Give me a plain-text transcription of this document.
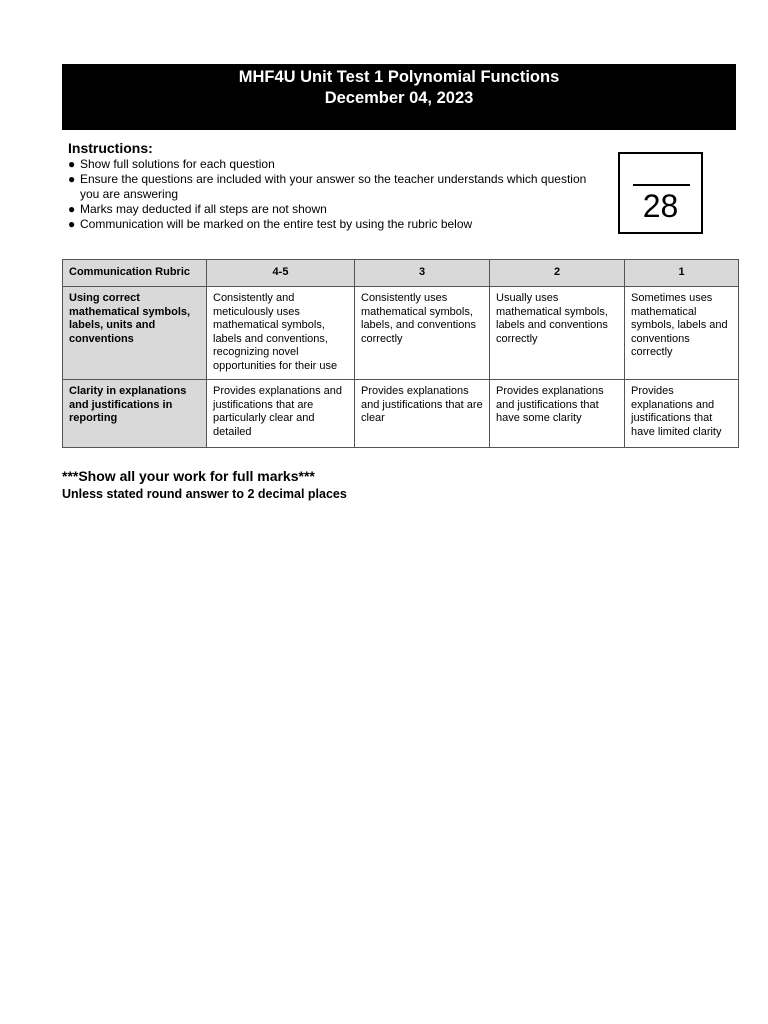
MHF4U Unit Test 1 Polynomial Functions
December 04, 2023

Instructions:

● Show full solutions for each question
● Ensure the questions are included with your answer so the teacher understands which question you are answering
● Marks may deducted if all steps are not shown
● Communication will be marked on the entire test by using the rubric below	28
Communication Rubric	4-5	3	2	1
Using correct mathematical symbols, labels, units and conventions	Consistently and meticulously uses mathematical symbols, labels and conventions, recognizing novel opportunities for their use	Consistently uses mathematical symbols, labels, and conventions correctly	Usually uses mathematical symbols, labels and conventions correctly	Sometimes uses mathematical symbols, labels and conventions correctly
Clarity in explanations and justifications in reporting	Provides explanations and justifications that are particularly clear and detailed	Provides explanations and justifications that are clear	Provides explanations and justifications that have some clarity	Provides explanations and justifications that have limited clarity
***Show all your work for full marks***
Unless stated round answer to 2 decimal places
